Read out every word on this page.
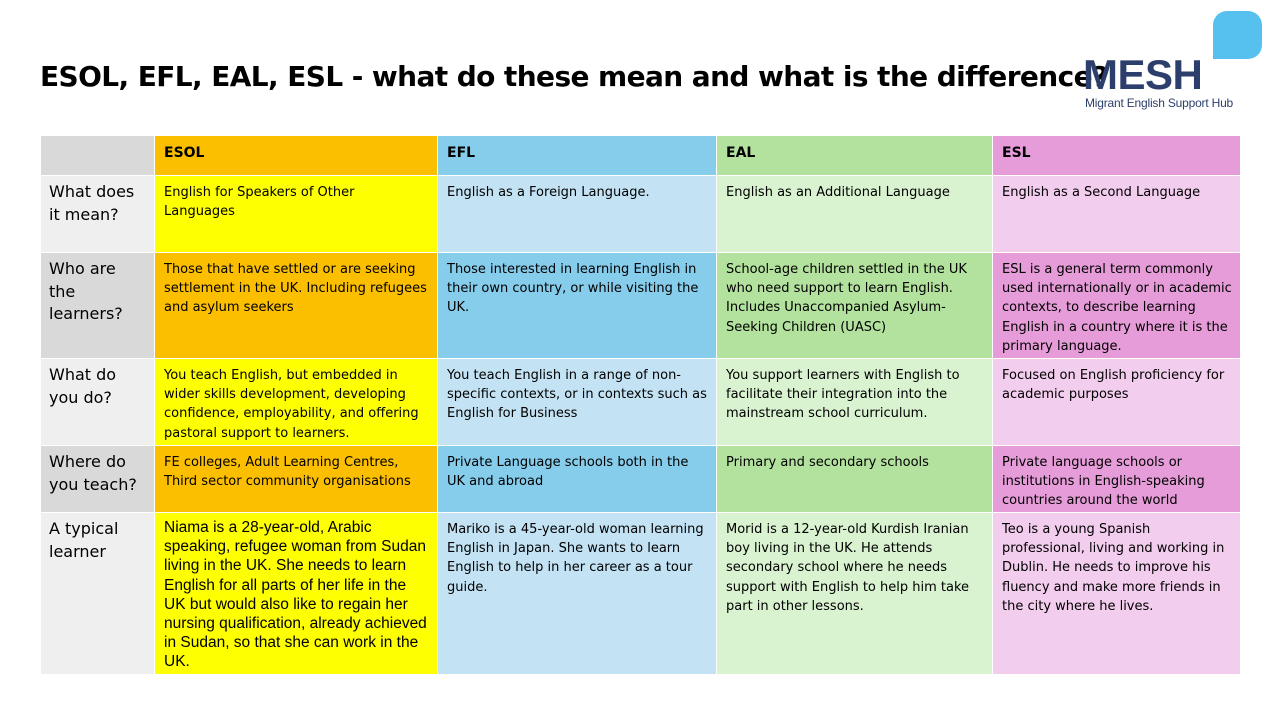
ESOL, EFL, EAL, ESL - what do these mean and what is the difference?
MESH
Migrant English Support Hub
	ESOL	EFL	EAL	ESL
What does it mean?	English for Speakers of Other Languages	English as a Foreign Language.	English as an Additional Language	English as a Second Language
Who are the learners?	Those that have settled or are seeking settlement in the UK. Including refugees and asylum seekers	Those interested in learning English in their own country, or while visiting the UK.	School-age children settled in the UK who need support to learn English. Includes Unaccompanied Asylum-Seeking Children (UASC)	ESL is a general term commonly used internationally or in academic contexts, to describe learning English in a country where it is the primary language.
What do you do?	You teach English, but embedded in wider skills development, developing confidence, employability, and offering pastoral support to learners.	You teach English in a range of non-specific contexts, or in contexts such as English for Business	You support learners with English to facilitate their integration into the mainstream school curriculum.	Focused on English proficiency for academic purposes
Where do you teach?	FE colleges, Adult Learning Centres, Third sector community organisations	Private Language schools both in the UK and abroad	Primary and secondary schools	Private language schools or institutions in English-speaking countries around the world
A typical learner	Niama is a 28-year-old, Arabic speaking, refugee woman from Sudan living in the UK. She needs to learn English for all parts of her life in the UK but would also like to regain her nursing qualification, already achieved in Sudan, so that she can work in the UK.	Mariko is a 45-year-old woman learning English in Japan. She wants to learn English to help in her career as a tour guide.	Morid is a 12-year-old Kurdish Iranian boy living in the UK. He attends secondary school where he needs support with English to help him take part in other lessons.	Teo is a young Spanish professional, living and working in Dublin. He needs to improve his fluency and make more friends in the city where he lives.
